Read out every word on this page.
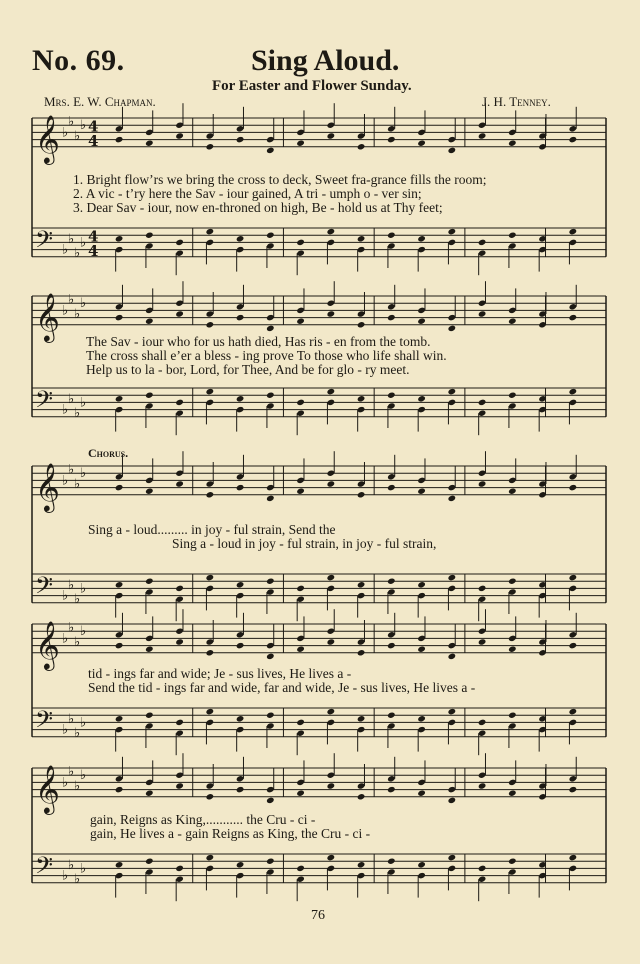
No. 69.	Sing Aloud.
For Easter and Flower Sunday.
Mrs. E. W. Chapman.	J. H. Tenney.
𝄞 ♭
♭
♭
♭
𝄢 ♭
♭
♭
♭
4
4
4
4
𝄞 ♭
♭
♭
♭
𝄢 ♭
♭
♭
♭
𝄞 ♭
♭
♭
♭
𝄢 ♭
♭
♭
♭
𝄞 ♭
♭
♭
♭
𝄢 ♭
♭
♭
♭
𝄞 ♭
♭
♭
♭
𝄢 ♭
♭
♭
♭
1. Bright flow’rs we bring the cross to deck, Sweet fra-grance fills the room;
2. A vic - t’ry here the Sav - iour gained, A tri - umph o - ver sin;
3. Dear Sav - iour, now en-throned on high, Be - hold us at Thy feet;
The Sav - iour who for us hath died, Has ris - en from the tomb.
The cross shall e’er a bless - ing prove To those who life shall win.
Help us to la - bor, Lord, for Thee, And be for glo - ry meet.
Chorus.
Sing a - loud......... in joy - ful strain, Send the
Sing a - loud in joy - ful strain, in joy - ful strain,
tid - ings far and wide; Je - sus lives, He lives a -
Send the tid - ings far and wide, far and wide, Je - sus lives, He lives a -
gain, Reigns as King,........... the Cru - ci -
gain, He lives a - gain Reigns as King, the Cru - ci -
76
